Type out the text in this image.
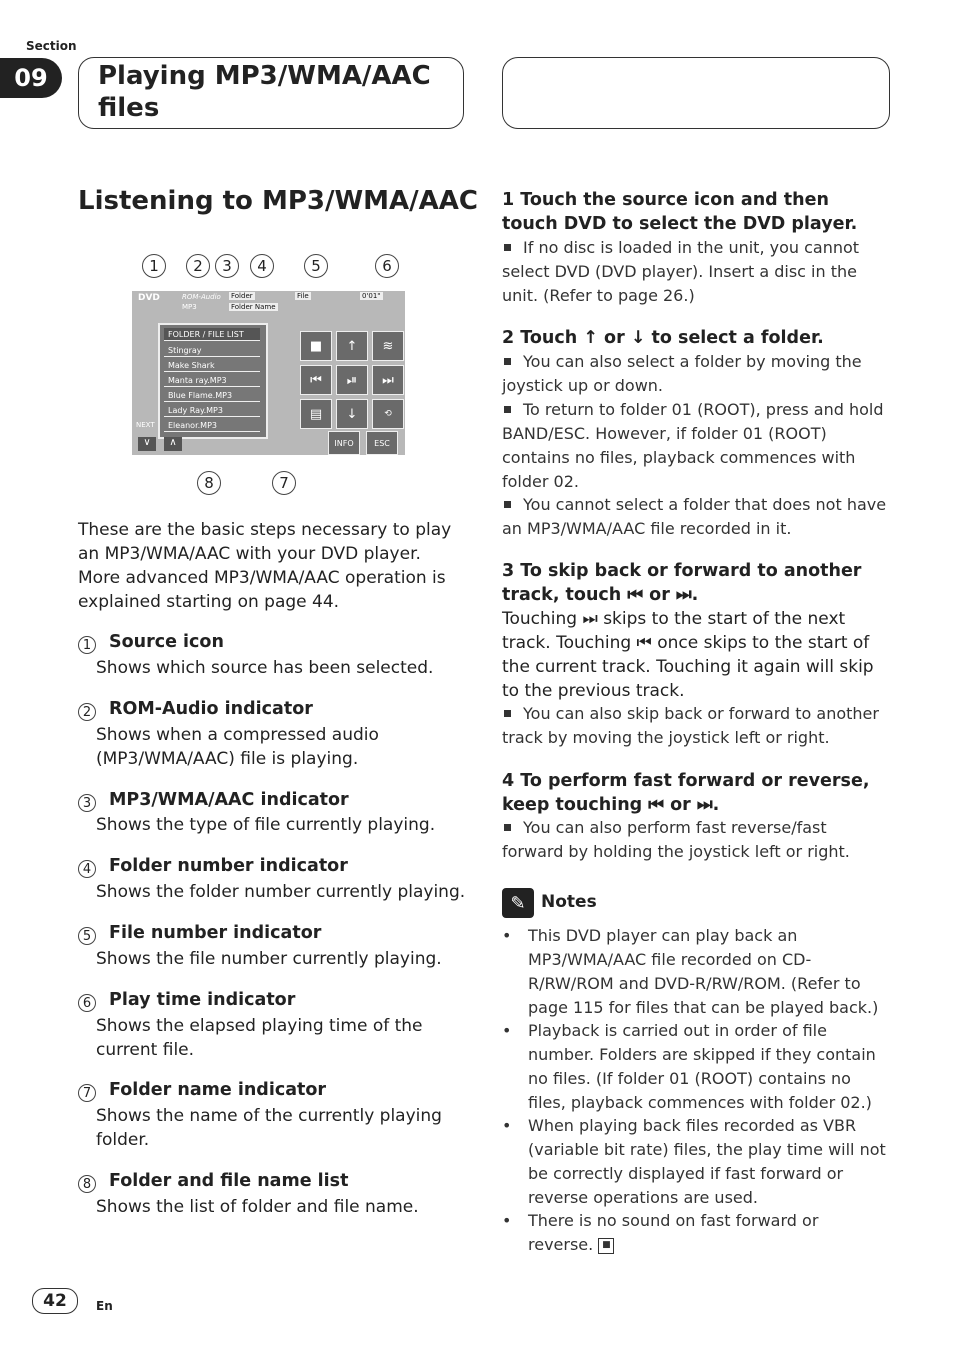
Section
09	Playing MP3/WMA/AAC files
Listening to MP3/WMA/AAC
1	2	3	4	5	6
DVD	ROM-Audio
MP3
Folder
Folder Name
File	0'01"
FOLDER / FILE LIST
Stingray
Make Shark
Manta ray.MP3
Blue Flame.MP3
Lady Ray.MP3
Eleanor.MP3
NEXT
∨	∧
■	↑	≋
⏮	⏯	⏭
▤	↓	⟲
INFO	ESC
8	7
These are the basic steps necessary to play an MP3/WMA/AAC with your DVD player. More advanced MP3/WMA/AAC operation is explained starting on page 44.
1 Source icon
Shows which source has been selected.
2 ROM-Audio indicator
Shows when a compressed audio (MP3/WMA/AAC) file is playing.
3 MP3/WMA/AAC indicator
Shows the type of file currently playing.
4 Folder number indicator
Shows the folder number currently playing.
5 File number indicator
Shows the file number currently playing.
6 Play time indicator
Shows the elapsed playing time of the current file.
7 Folder name indicator
Shows the name of the currently playing folder.
8 Folder and file name list
Shows the list of folder and file name.
1 Touch the source icon and then touch DVD to select the DVD player.
If no disc is loaded in the unit, you cannot select DVD (DVD player). Insert a disc in the unit. (Refer to page 26.)
2 Touch ↑ or ↓ to select a folder.
You can also select a folder by moving the joystick up or down.
To return to folder 01 (ROOT), press and hold BAND/ESC. However, if folder 01 (ROOT) contains no files, playback commences with folder 02.
You cannot select a folder that does not have an MP3/WMA/AAC file recorded in it.
3 To skip back or forward to another track, touch ⏮ or ⏭.
Touching ⏭ skips to the start of the next track. Touching ⏮ once skips to the start of the current track. Touching it again will skip to the previous track.
You can also skip back or forward to another track by moving the joystick left or right.
4 To perform fast forward or reverse, keep touching ⏮ or ⏭.
You can also perform fast reverse/fast forward by holding the joystick left or right.
✎ Notes
• This DVD player can play back an MP3/WMA/AAC file recorded on CD-R/RW/ROM and DVD-R/RW/ROM. (Refer to page 115 for files that can be played back.)
• Playback is carried out in order of file number. Folders are skipped if they contain no files. (If folder 01 (ROOT) contains no files, playback commences with folder 02.)
• When playing back files recorded as VBR (variable bit rate) files, the play time will not be correctly displayed if fast forward or reverse operations are used.
• There is no sound on fast forward or reverse. ■
42	En
